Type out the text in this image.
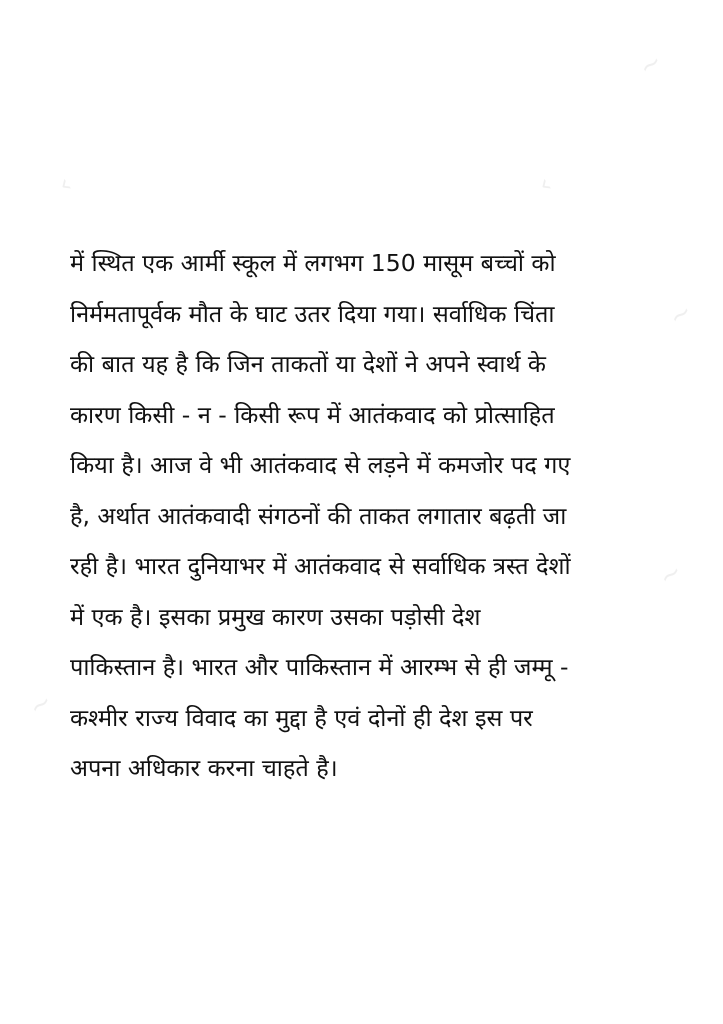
~
‹	‹
~
~
~
में स्थित एक आर्मी स्कूल में लगभग 150 मासूम बच्चों को
निर्ममतापूर्वक मौत के घाट उतर दिया गया। सर्वाधिक चिंता
की बात यह है कि जिन ताकतों या देशों ने अपने स्वार्थ के
कारण किसी - न - किसी रूप में आतंकवाद को प्रोत्साहित
किया है। आज वे भी आतंकवाद से लड़ने में कमजोर पद गए
है, अर्थात आतंकवादी संगठनों की ताकत लगातार बढ़ती जा
रही है। भारत दुनियाभर में आतंकवाद से सर्वाधिक त्रस्त देशों
में एक है। इसका प्रमुख कारण उसका पड़ोसी देश
पाकिस्तान है। भारत और पाकिस्तान में आरम्भ से ही जम्मू -
कश्मीर राज्य विवाद का मुद्दा है एवं दोनों ही देश इस पर
अपना अधिकार करना चाहते है।
